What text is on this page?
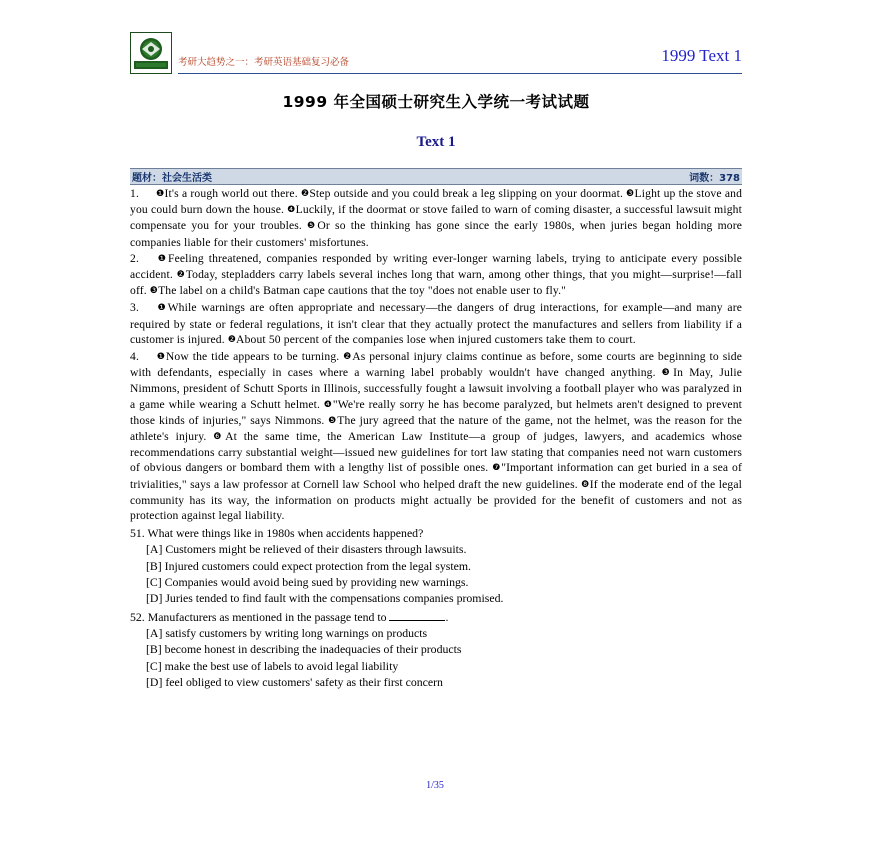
考研大趋势之一：考研英语基础复习必备	1999 Text 1
1999 年全国硕士研究生入学统一考试试题
Text 1
题材：社会生活类	词数：378
1. ❶It's a rough world out there. ❷Step outside and you could break a leg slipping on your doormat. ❸Light up the stove and you could burn down the house. ❹Luckily, if the doormat or stove failed to warn of coming disaster, a successful lawsuit might compensate you for your troubles. ❺Or so the thinking has gone since the early 1980s, when juries began holding more companies liable for their customers' misfortunes.
2. ❶Feeling threatened, companies responded by writing ever-longer warning labels, trying to anticipate every possible accident. ❷Today, stepladders carry labels several inches long that warn, among other things, that you might—surprise!—fall off. ❸The label on a child's Batman cape cautions that the toy "does not enable user to fly."
3. ❶While warnings are often appropriate and necessary—the dangers of drug interactions, for example—and many are required by state or federal regulations, it isn't clear that they actually protect the manufactures and sellers from liability if a customer is injured. ❷About 50 percent of the companies lose when injured customers take them to court.
4. ❶Now the tide appears to be turning. ❷As personal injury claims continue as before, some courts are beginning to side with defendants, especially in cases where a warning label probably wouldn't have changed anything. ❸In May, Julie Nimmons, president of Schutt Sports in Illinois, successfully fought a lawsuit involving a football player who was paralyzed in a game while wearing a Schutt helmet. ❹"We're really sorry he has become paralyzed, but helmets aren't designed to prevent those kinds of injuries," says Nimmons. ❺The jury agreed that the nature of the game, not the helmet, was the reason for the athlete's injury. ❻At the same time, the American Law Institute—a group of judges, lawyers, and academics whose recommendations carry substantial weight—issued new guidelines for tort law stating that companies need not warn customers of obvious dangers or bombard them with a lengthy list of possible ones. ❼"Important information can get buried in a sea of trivialities," says a law professor at Cornell law School who helped draft the new guidelines. ❽If the moderate end of the legal community has its way, the information on products might actually be provided for the benefit of customers and not as protection against legal liability.
51. What were things like in 1980s when accidents happened?
[A] Customers might be relieved of their disasters through lawsuits.
[B] Injured customers could expect protection from the legal system.
[C] Companies would avoid being sued by providing new warnings.
[D] Juries tended to find fault with the compensations companies promised.
52. Manufacturers as mentioned in the passage tend to	.
[A] satisfy customers by writing long warnings on products
[B] become honest in describing the inadequacies of their products
[C] make the best use of labels to avoid legal liability
[D] feel obliged to view customers' safety as their first concern
1/35
